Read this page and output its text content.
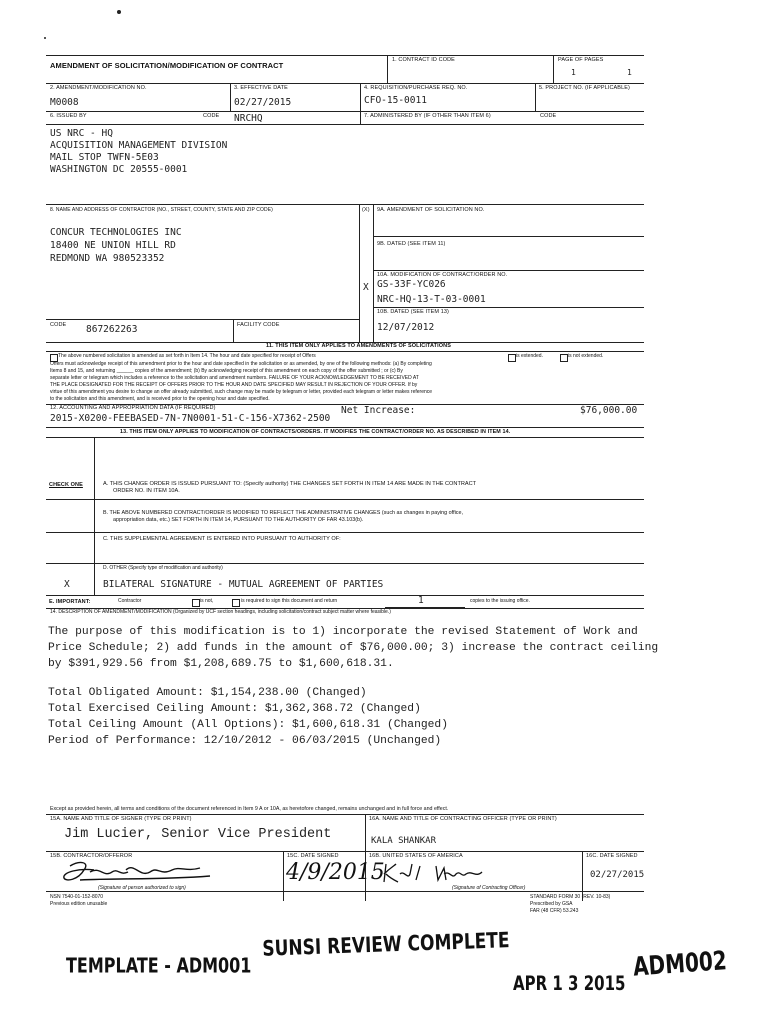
AMENDMENT OF SOLICITATION/MODIFICATION OF CONTRACT
1. CONTRACT ID CODE	PAGE OF PAGES
1	1
2. AMENDMENT/MODIFICATION NO.
M0008
3. EFFECTIVE DATE
02/27/2015
4. REQUISITION/PURCHASE REQ. NO.
CFO-15-0011
5. PROJECT NO. (IF APPLICABLE)
6. ISSUED BY	CODE NRCHQ	7. ADMINISTERED BY (IF OTHER THAN ITEM 6)	CODE
US NRC - HQ
ACQUISITION MANAGEMENT DIVISION
MAIL STOP TWFN-5E03
WASHINGTON DC 20555-0001
8. NAME AND ADDRESS OF CONTRACTOR (NO., STREET, COUNTY, STATE AND ZIP CODE)
CONCUR TECHNOLOGIES INC
18400 NE UNION HILL RD
REDMOND WA 980523352
(X) 9A. AMENDMENT OF SOLICITATION NO.
9B. DATED (SEE ITEM 11)
X
10A. MODIFICATION OF CONTRACT/ORDER NO.
GS-33F-YC026
NRC-HQ-13-T-03-0001
10B. DATED (SEE ITEM 13)
12/07/2012
CODE 867262263	FACILITY CODE
11. THIS ITEM ONLY APPLIES TO AMENDMENTS OF SOLICITATIONS
The above numbered solicitation is amended as set forth in Item 14. The hour and date specified for receipt of Offers	is extended.	is not extended.
Offers must acknowledge receipt of this amendment prior to the hour and date specified in the solicitation or as amended, by one of the following methods: (a) By completing
Items 8 and 15, and returning ______ copies of the amendment; (b) By acknowledging receipt of this amendment on each copy of the offer submitted ; or (c) By
separate letter or telegram which includes a reference to the solicitation and amendment numbers. FAILURE OF YOUR ACKNOWLEDGEMENT TO BE RECEIVED AT
THE PLACE DESIGNATED FOR THE RECEIPT OF OFFERS PRIOR TO THE HOUR AND DATE SPECIFIED MAY RESULT IN REJECTION OF YOUR OFFER. If by
virtue of this amendment you desire to change an offer already submitted, such change may be made by telegram or letter, provided each telegram or letter makes reference
to the solicitation and this amendment, and is received prior to the opening hour and date specified.
12. ACCOUNTING AND APPROPRIATION DATA (IF REQUIRED)
2015-X0200-FEEBASED-7N-7N0001-51-C-156-X7362-2500
Net Increase:	$76,000.00
13. THIS ITEM ONLY APPLIES TO MODIFICATION OF CONTRACTS/ORDERS. IT MODIFIES THE CONTRACT/ORDER NO. AS DESCRIBED IN ITEM 14.
CHECK ONE	A. THIS CHANGE ORDER IS ISSUED PURSUANT TO: (Specify authority) THE CHANGES SET FORTH IN ITEM 14 ARE MADE IN THE CONTRACT
ORDER NO. IN ITEM 10A.
B. THE ABOVE NUMBERED CONTRACT/ORDER IS MODIFIED TO REFLECT THE ADMINISTRATIVE CHANGES (such as changes in paying office,
appropriation data, etc.) SET FORTH IN ITEM 14, PURSUANT TO THE AUTHORITY OF FAR 43.103(b).
C. THIS SUPPLEMENTAL AGREEMENT IS ENTERED INTO PURSUANT TO AUTHORITY OF:
D. OTHER (Specify type of modification and authority)
X	BILATERAL SIGNATURE - MUTUAL AGREEMENT OF PARTIES
E. IMPORTANT:	Contractor	is not,	is required to sign this document and return	1	copies to the issuing office.
14. DESCRIPTION OF AMENDMENT/MODIFICATION (Organized by UCF section headings, including solicitation/contract subject matter where feasible.)
The purpose of this modification is to 1) incorporate the revised Statement of Work and
Price Schedule; 2) add funds in the amount of $76,000.00; 3) increase the contract ceiling
by $391,929.56 from $1,208,689.75 to $1,600,618.31.
Total Obligated Amount: $1,154,238.00 (Changed)
Total Exercised Ceiling Amount: $1,362,368.72 (Changed)
Total Ceiling Amount (All Options): $1,600,618.31 (Changed)
Period of Performance: 12/10/2012 - 06/03/2015 (Unchanged)
Except as provided herein, all terms and conditions of the document referenced in Item 9 A or 10A, as heretofore changed, remains unchanged and in full force and effect.
15A. NAME AND TITLE OF SIGNER (TYPE OR PRINT)
Jim Lucier, Senior Vice President
16A. NAME AND TITLE OF CONTRACTING OFFICER (TYPE OR PRINT)
KALA SHANKAR
15B. CONTRACTOR/OFFEROR
(Signature of person authorized to sign)
15C. DATE SIGNED
4/9/2015
16B. UNITED STATES OF AMERICA
(Signature of Contracting Officer)
16C. DATE SIGNED
02/27/2015
NSN 7540-01-152-8070
Previous edition unusable
STANDARD FORM 30 (REV. 10-83)
Prescribed by GSA
FAR (48 CFR) 53.243
TEMPLATE - ADM001
SUNSI REVIEW COMPLETE
APR 1 3 2015
ADM002
